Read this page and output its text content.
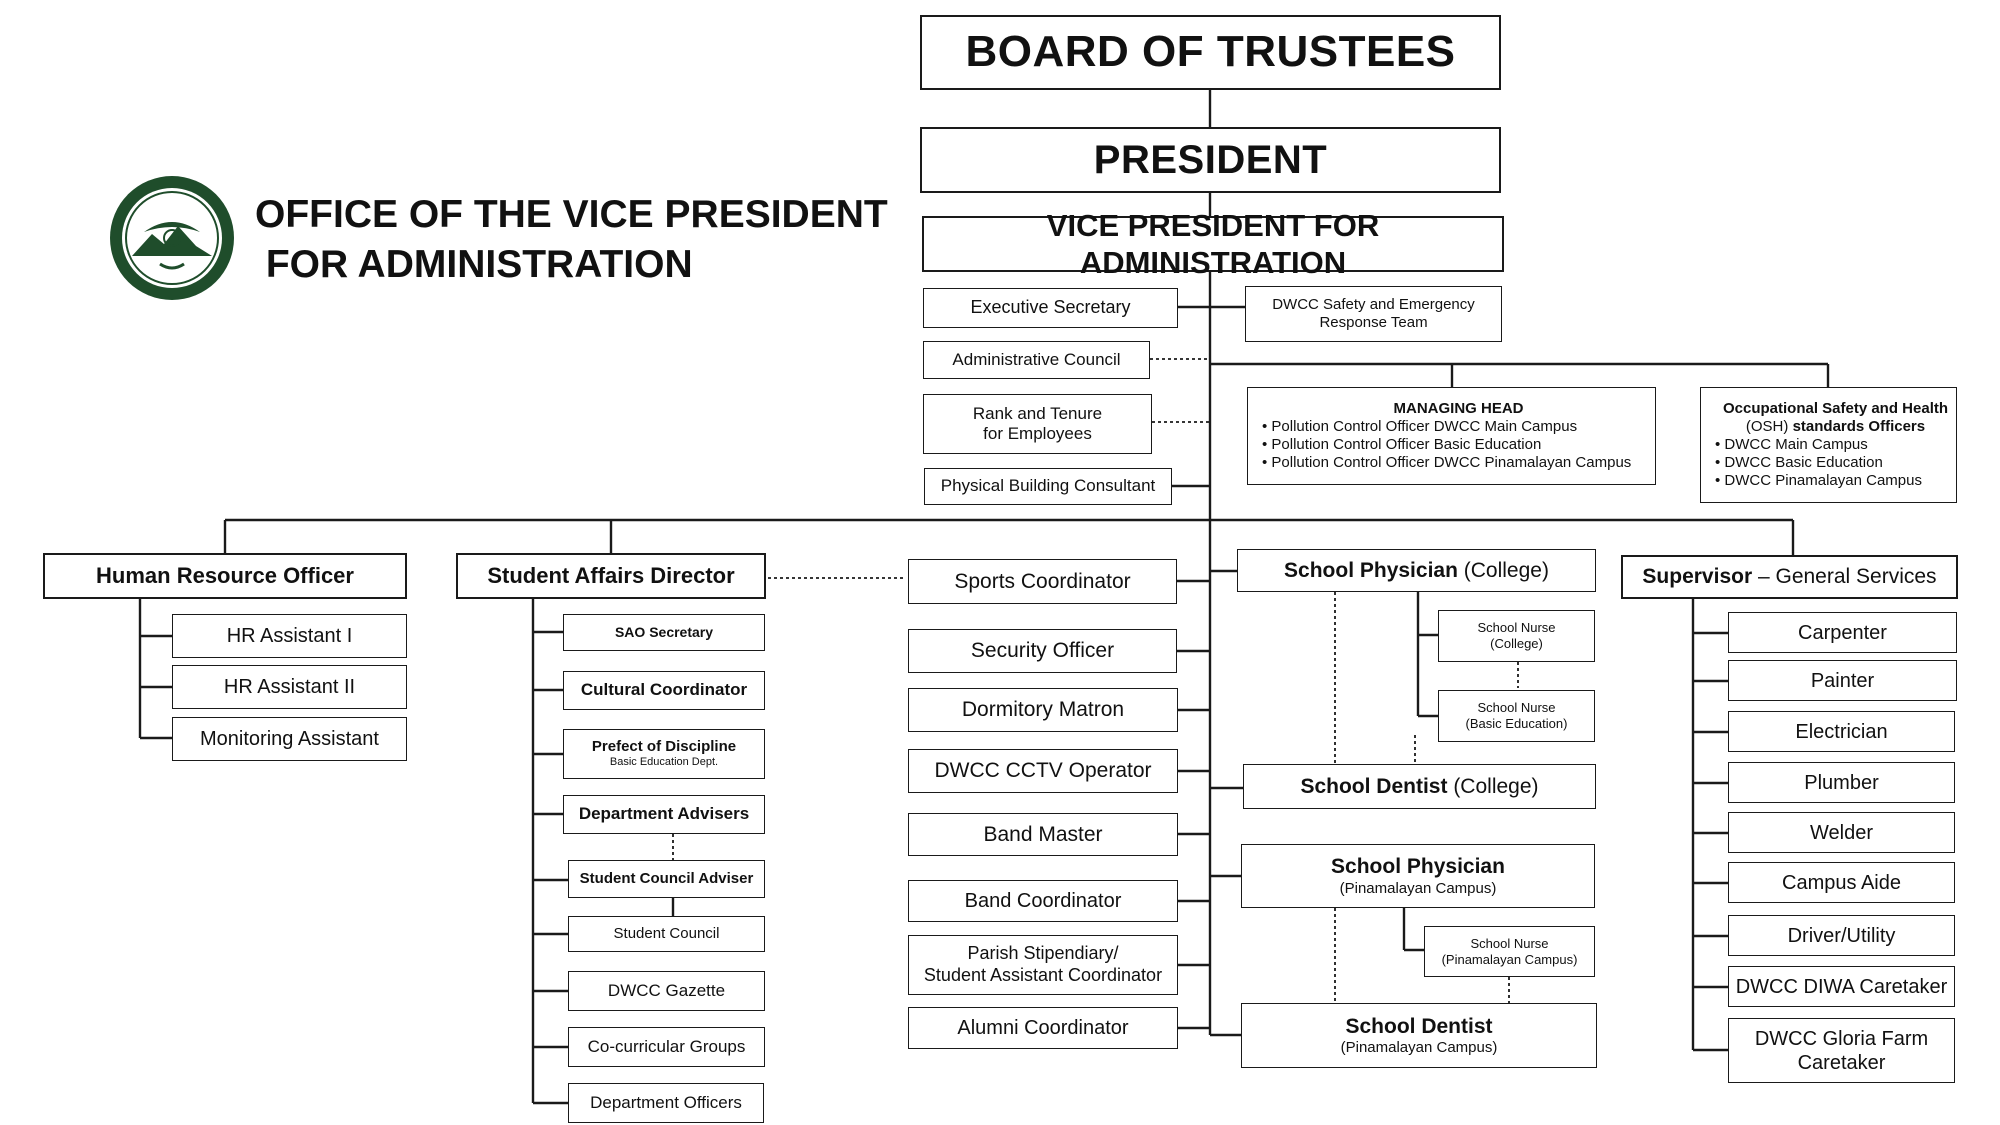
OFFICE OF THE VICE PRESIDENT
FOR ADMINISTRATION
BOARD OF TRUSTEES
PRESIDENT
VICE PRESIDENT FOR ADMINISTRATION
Executive Secretary
Administrative Council
Rank and Tenure
for Employees
Physical Building Consultant
DWCC Safety and Emergency
Response Team
MANAGING HEAD
• Pollution Control Officer DWCC Main Campus
• Pollution Control Officer Basic Education
• Pollution Control Officer DWCC Pinamalayan Campus
Occupational Safety and Health
(OSH) standards Officers
• DWCC Main Campus
• DWCC Basic Education
• DWCC Pinamalayan Campus
Human Resource Officer
HR Assistant I
HR Assistant II
Monitoring Assistant
Student Affairs Director
SAO Secretary
Cultural Coordinator
Prefect of Discipline
Basic Education Dept.
Department Advisers
Student Council Adviser
Student Council
DWCC Gazette
Co-curricular Groups
Department Officers
Sports Coordinator
Security Officer
Dormitory Matron
DWCC CCTV Operator
Band Master
Band Coordinator
Parish Stipendiary/
Student Assistant Coordinator
Alumni Coordinator
School Physician (College)
School Nurse
(College)
School Nurse
(Basic Education)
School Dentist (College)
School Physician
(Pinamalayan Campus)
School Nurse
(Pinamalayan Campus)
School Dentist
(Pinamalayan Campus)
Supervisor – General Services
Carpenter
Painter
Electrician
Plumber
Welder
Campus Aide
Driver/Utility
DWCC DIWA Caretaker
DWCC Gloria Farm
Caretaker
